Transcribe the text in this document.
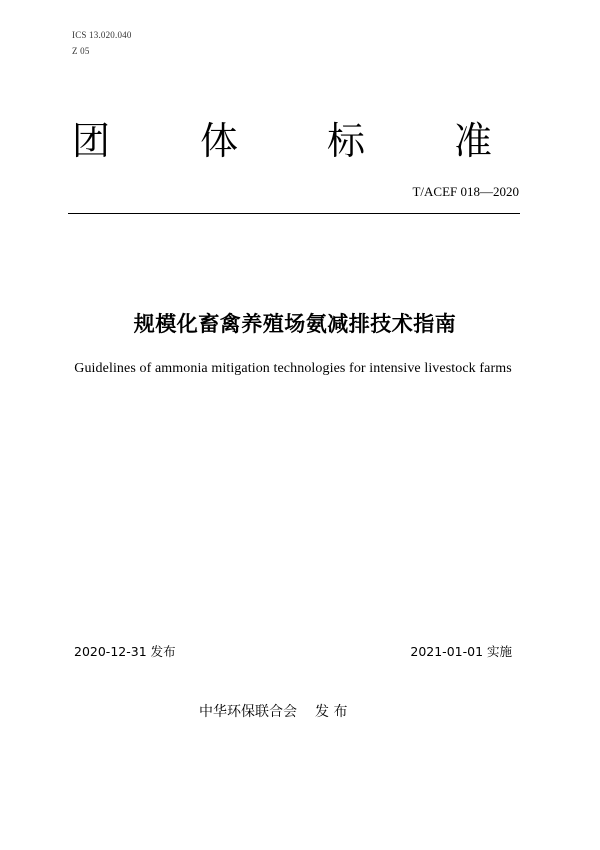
ICS 13.020.040
Z 05
团 体 标 准
T/ACEF 018—2020
规模化畜禽养殖场氨减排技术指南
Guidelines of ammonia mitigation technologies for intensive livestock farms
2020-12-31 发布	2021-01-01 实施
中华环保联合会 发 布
